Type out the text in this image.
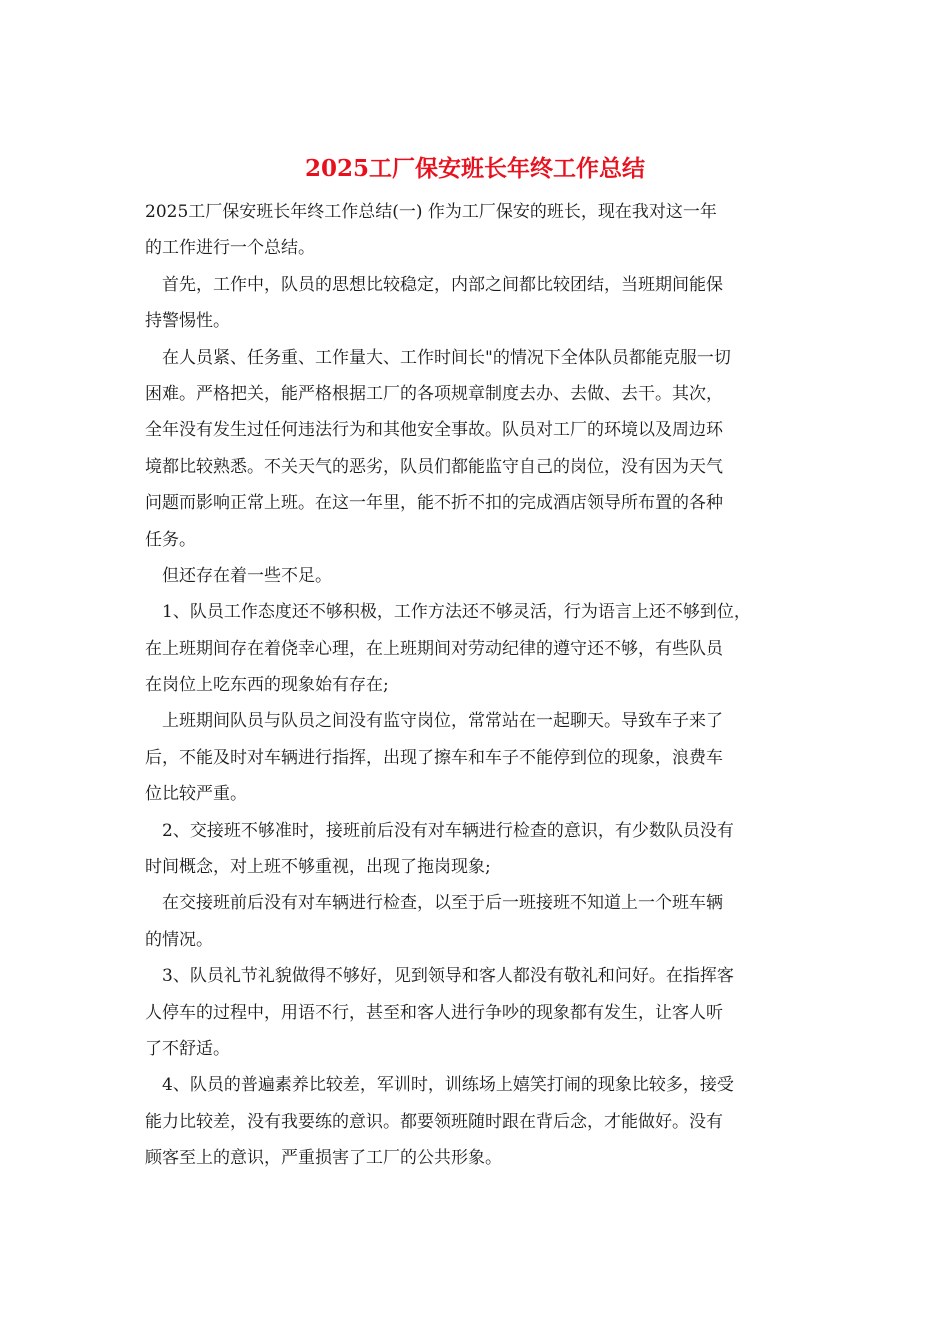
2025工厂保安班长年终工作总结
2025工厂保安班长年终工作总结(一) 作为工厂保安的班长，现在我对这一年
的工作进行一个总结。
首先，工作中，队员的思想比较稳定，内部之间都比较团结，当班期间能保
持警惕性。
在人员紧、任务重、工作量大、工作时间长"的情况下全体队员都能克服一切
困难。严格把关，能严格根据工厂的各项规章制度去办、去做、去干。其次，
全年没有发生过任何违法行为和其他安全事故。队员对工厂的环境以及周边环
境都比较熟悉。不关天气的恶劣，队员们都能监守自己的岗位，没有因为天气
问题而影响正常上班。在这一年里，能不折不扣的完成酒店领导所布置的各种
任务。
但还存在着一些不足。
1、队员工作态度还不够积极，工作方法还不够灵活，行为语言上还不够到位，
在上班期间存在着侥幸心理，在上班期间对劳动纪律的遵守还不够，有些队员
在岗位上吃东西的现象始有存在;
上班期间队员与队员之间没有监守岗位，常常站在一起聊天。导致车子来了
后，不能及时对车辆进行指挥，出现了擦车和车子不能停到位的现象，浪费车
位比较严重。
2、交接班不够准时，接班前后没有对车辆进行检查的意识，有少数队员没有
时间概念，对上班不够重视，出现了拖岗现象;
在交接班前后没有对车辆进行检查，以至于后一班接班不知道上一个班车辆
的情况。
3、队员礼节礼貌做得不够好，见到领导和客人都没有敬礼和问好。在指挥客
人停车的过程中，用语不行，甚至和客人进行争吵的现象都有发生，让客人听
了不舒适。
4、队员的普遍素养比较差，军训时，训练场上嬉笑打闹的现象比较多，接受
能力比较差，没有我要练的意识。都要领班随时跟在背后念，才能做好。没有
顾客至上的意识，严重损害了工厂的公共形象。
